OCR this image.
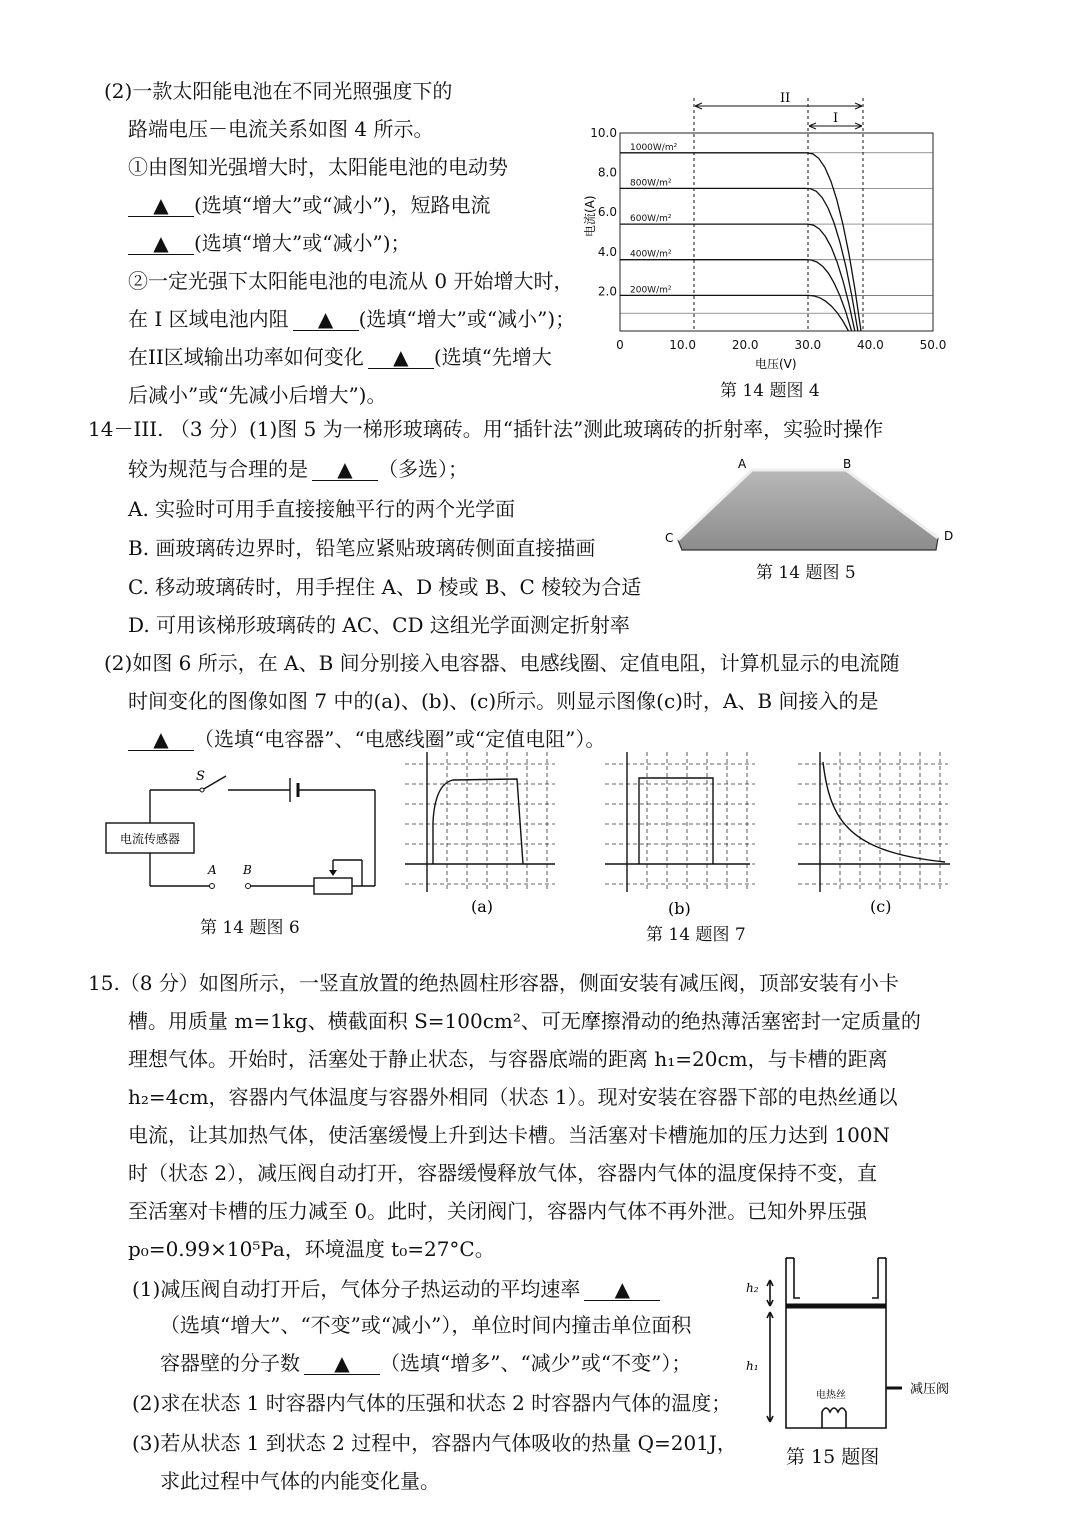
(2)一款太阳能电池在不同光照强度下的
路端电压－电流关系如图 4 所示。
①由图知光强增大时，太阳能电池的电动势
▲ (选填“增大”或“减小”)，短路电流
▲ (选填“增大”或“减小”)；
②一定光强下太阳能电池的电流从 0 开始增大时，
在 I 区域电池内阻 ▲ (选填“增大”或“减小”)；
在II区域输出功率如何变化 ▲ (选填“先增大
后减小”或“先减小后增大”)。
1000W/m²
800W/m²
600W/m²
400W/m²
200W/m²
0	10.0	20.0	30.0	40.0	50.0
10.0
8.0
6.0
4.0
2.0
II
I
电流(A)
电压(V)
第 14 题图 4
14－III. （3 分）(1)图 5 为一梯形玻璃砖。用“插针法”测此玻璃砖的折射率，实验时操作
较为规范与合理的是 ▲ （多选）；
A. 实验时可用手直接接触平行的两个光学面
B. 画玻璃砖边界时，铅笔应紧贴玻璃砖侧面直接描画
C. 移动玻璃砖时，用手捏住 A、D 棱或 B、C 棱较为合适
D. 可用该梯形玻璃砖的 AC、CD 这组光学面测定折射率
A	B
C	D
第 14 题图 5
(2)如图 6 所示，在 A、B 间分别接入电容器、电感线圈、定值电阻，计算机显示的电流随
时间变化的图像如图 7 中的(a)、(b)、(c)所示。则显示图像(c)时，A、B 间接入的是
▲ （选填“电容器”、“电感线圈”或“定值电阻”）。
电流传感器
S
A B
第 14 题图 6
(a)	(b)	(c)
第 14 题图 7
15.（8 分）如图所示，一竖直放置的绝热圆柱形容器，侧面安装有减压阀，顶部安装有小卡
槽。用质量 m=1kg、横截面积 S=100cm²、可无摩擦滑动的绝热薄活塞密封一定质量的
理想气体。开始时，活塞处于静止状态，与容器底端的距离 h₁=20cm，与卡槽的距离
h₂=4cm，容器内气体温度与容器外相同（状态 1）。现对安装在容器下部的电热丝通以
电流，让其加热气体，使活塞缓慢上升到达卡槽。当活塞对卡槽施加的压力达到 100N
时（状态 2），减压阀自动打开，容器缓慢释放气体，容器内气体的温度保持不变，直
至活塞对卡槽的压力减至 0。此时，关闭阀门，容器内气体不再外泄。已知外界压强
p₀=0.99×10⁵Pa，环境温度 t₀=27°C。
(1)减压阀自动打开后，气体分子热运动的平均速率 ▲
（选填“增大”、“不变”或“减小”），单位时间内撞击单位面积
容器壁的分子数 ▲ （选填“增多”、“减少”或“不变”）；
(2)求在状态 1 时容器内气体的压强和状态 2 时容器内气体的温度；
(3)若从状态 1 到状态 2 过程中，容器内气体吸收的热量 Q=201J，
求此过程中气体的内能变化量。
h₂
h₁
电热丝	减压阀
第 15 题图
